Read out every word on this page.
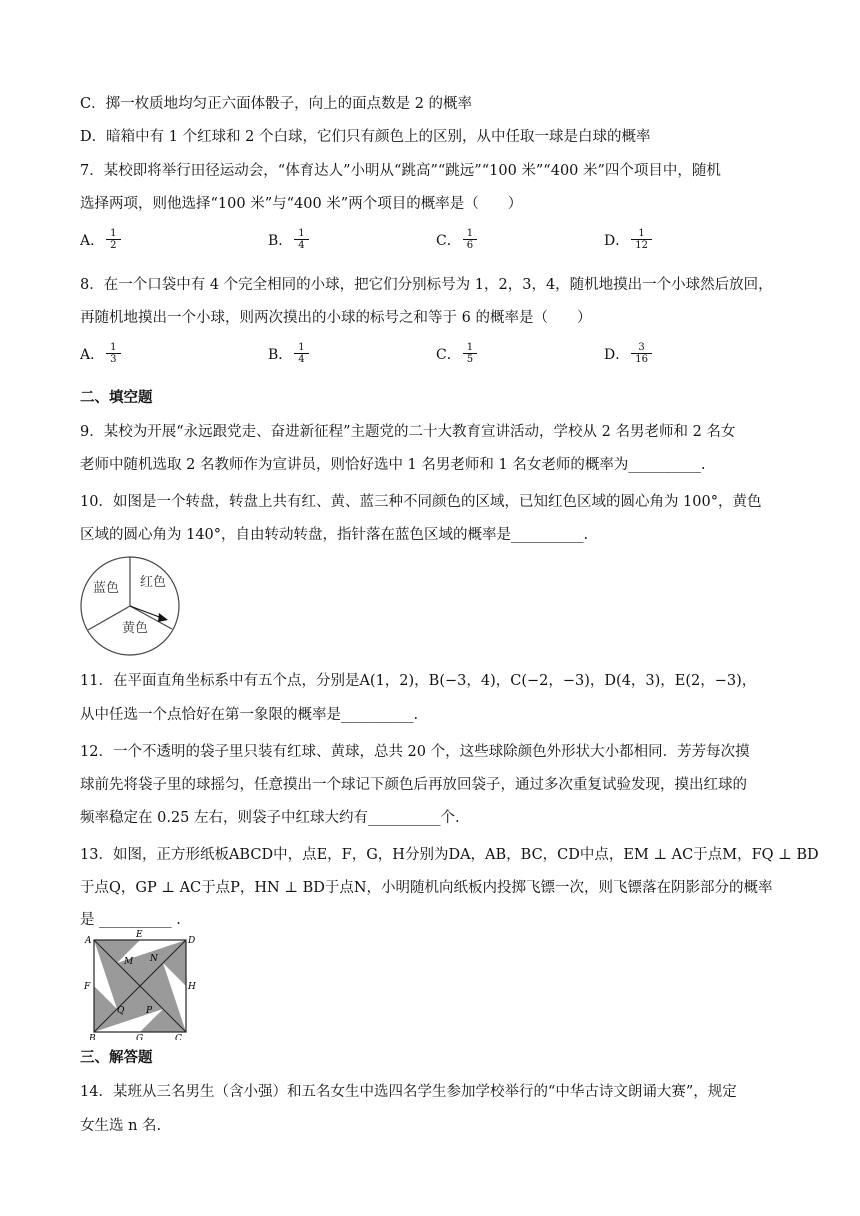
C．掷一枚质地均匀正六面体骰子，向上的面点数是 2 的概率
D．暗箱中有 1 个红球和 2 个白球，它们只有颜色上的区别，从中任取一球是白球的概率
7．某校即将举行田径运动会，“体育达人”小明从“跳高”“跳远”“100 米”“400 米”四个项目中，随机
选择两项，则他选择“100 米”与“400 米”两个项目的概率是（　　）
A． $\frac{1}{2}$	B． $\frac{1}{4}$	C． $\frac{1}{6}$	D． $\frac{1}{12}$
8．在一个口袋中有 4 个完全相同的小球，把它们分别标号为 1，2，3，4，随机地摸出一个小球然后放回，
再随机地摸出一个小球，则两次摸出的小球的标号之和等于 6 的概率是（　　）
A． $\frac{1}{3}$	B． $\frac{1}{4}$	C． $\frac{1}{5}$	D． $\frac{3}{16}$
二、填空题
9．某校为开展“永远跟党走、奋进新征程”主题党的二十大教育宣讲活动，学校从 2 名男老师和 2 名女
老师中随机选取 2 名教师作为宣讲员，则恰好选中 1 名男老师和 1 名女老师的概率为__________.
10．如图是一个转盘，转盘上共有红、黄、蓝三种不同颜色的区域，已知红色区域的圆心角为 100°，黄色
区域的圆心角为 140°，自由转动转盘，指针落在蓝色区域的概率是__________.
蓝色 红色
黄色
11．在平面直角坐标系中有五个点，分别是A(1，2)，B(−3，4)，C(−2，−3)，D(4，3)，E(2，−3)，
从中任选一个点恰好在第一象限的概率是__________.
12．一个不透明的袋子里只装有红球、黄球，总共 20 个，这些球除颜色外形状大小都相同．芳芳每次摸
球前先将袋子里的球摇匀，任意摸出一个球记下颜色后再放回袋子，通过多次重复试验发现，摸出红球的
频率稳定在 0.25 左右，则袋子中红球大约有__________个.
13．如图，正方形纸板ABCD中，点E，F，G，H分别为DA，AB，BC，CD中点，EM ⊥ AC于点M，FQ ⊥ BD
于点Q，GP ⊥ AC于点P，HN ⊥ BD于点N，小明随机向纸板内投掷飞镖一次，则飞镖落在阴影部分的概率
是 __________ .
A
E
D
F	H
B	G	C
M N
Q P
三、解答题
14．某班从三名男生（含小强）和五名女生中选四名学生参加学校举行的“中华古诗文朗诵大赛”，规定
女生选 n 名.
